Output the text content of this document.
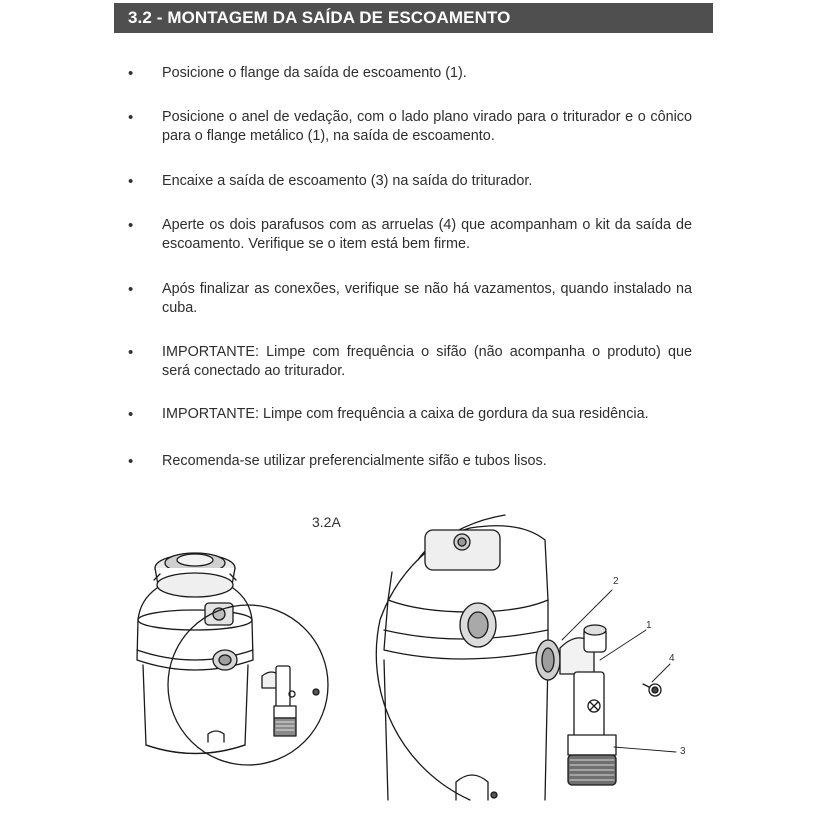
3.2 - MONTAGEM DA SAÍDA DE ESCOAMENTO
• Posicione o flange da saída de escoamento (1).
• Posicione o anel de vedação, com o lado plano virado para o triturador e o cônico para o flange metálico (1), na saída de escoamento.
• Encaixe a saída de escoamento (3) na saída do triturador.
• Aperte os dois parafusos com as arruelas (4) que acompanham o kit da saída de escoamento. Verifique se o item está bem firme.
• Após finalizar as conexões, verifique se não há vazamentos, quando instalado na cuba.
• IMPORTANTE: Limpe com frequência o sifão (não acompanha o produto) que será conectado ao triturador.
• IMPORTANTE: Limpe com frequência a caixa de gordura da sua residência.
• Recomenda-se utilizar preferencialmente sifão e tubos lisos.
3.2A
2
1
4
3
